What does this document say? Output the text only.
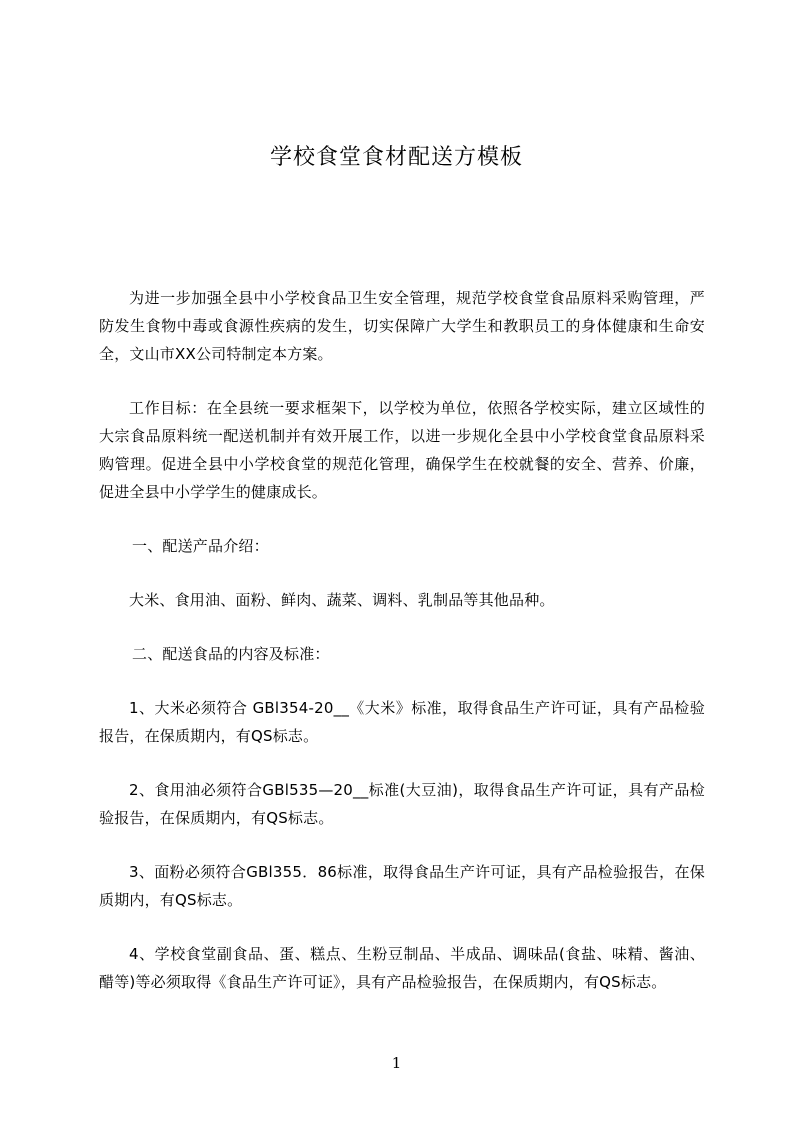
学校食堂食材配送方模板

为进一步加强全县中小学校食品卫生安全管理，规范学校食堂食品原料采购管理，严防发生食物中毒或食源性疾病的发生，切实保障广大学生和教职员工的身体健康和生命安全，文山市XX公司特制定本方案。

工作目标：在全县统一要求框架下，以学校为单位，依照各学校实际，建立区域性的大宗食品原料统一配送机制并有效开展工作，以进一步规化全县中小学校食堂食品原料采购管理。促进全县中小学校食堂的规范化管理，确保学生在校就餐的安全、营养、价廉，促进全县中小学学生的健康成长。

一、配送产品介绍：

大米、食用油、面粉、鲜肉、蔬菜、调料、乳制品等其他品种。

二、配送食品的内容及标准：

1、大米必须符合 GBl354-20__《大米》标准，取得食品生产许可证，具有产品检验报告，在保质期内，有QS标志。

2、食用油必须符合GBl535—20__标准(大豆油)，取得食品生产许可证，具有产品检验报告，在保质期内，有QS标志。

3、面粉必须符合GBl355．86标准，取得食品生产许可证，具有产品检验报告，在保质期内，有QS标志。

4、学校食堂副食品、蛋、糕点、生粉豆制品、半成品、调味品(食盐、味精、酱油、醋等)等必须取得《食品生产许可证》，具有产品检验报告，在保质期内，有QS标志。

1
